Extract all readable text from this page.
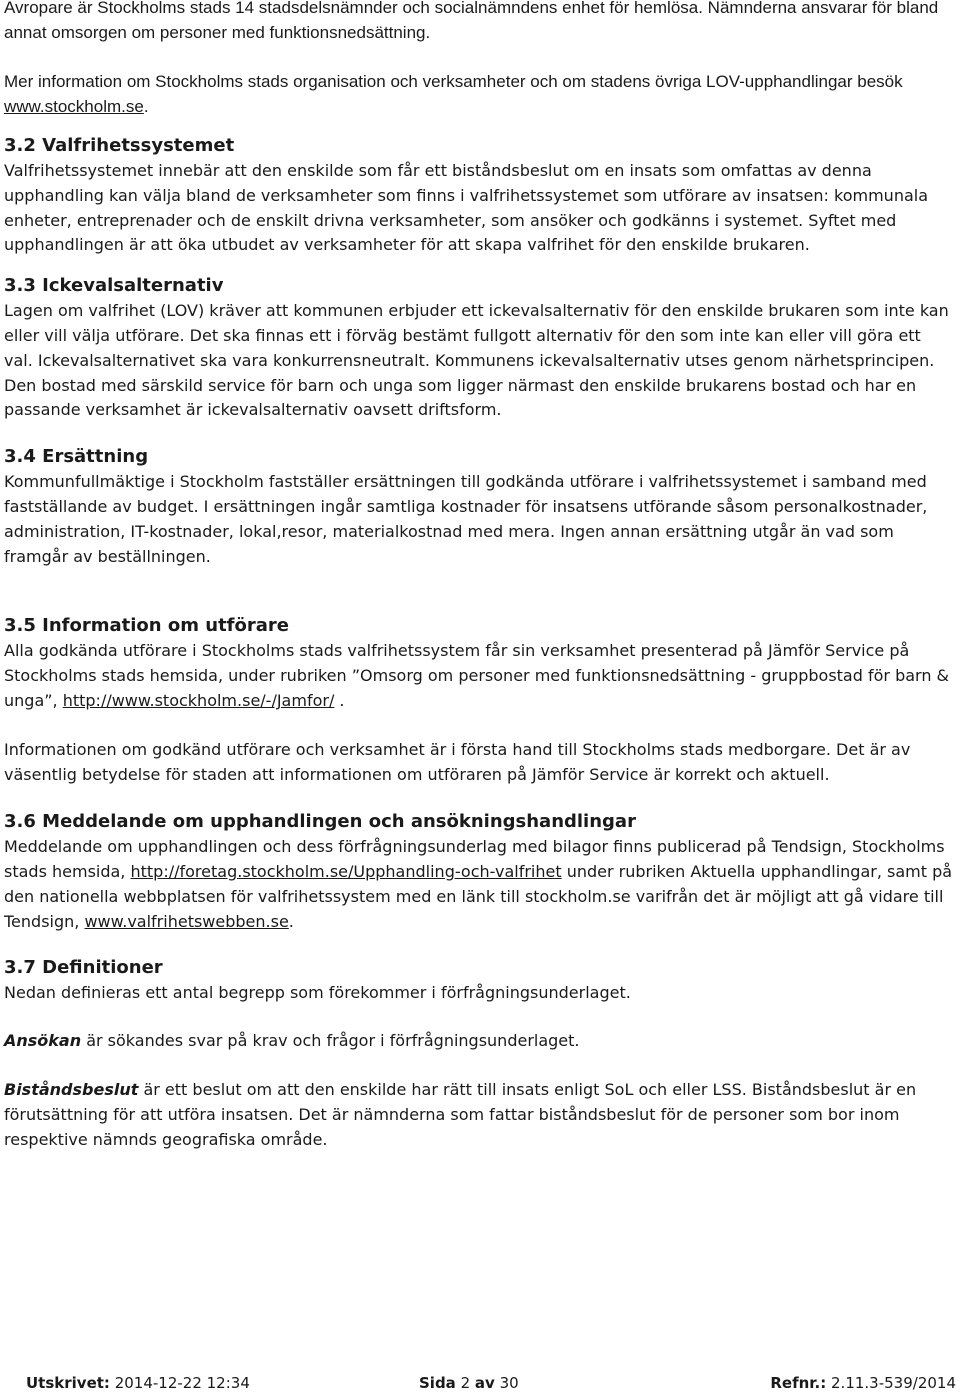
Avropare är Stockholms stads 14 stadsdelsnämnder och socialnämndens enhet för hemlösa. Nämnderna ansvarar för bland annat omsorgen om personer med funktionsnedsättning.

Mer information om Stockholms stads organisation och verksamheter och om stadens övriga LOV-upphandlingar besök www.stockholm.se.

3.2 Valfrihetssystemet

Valfrihetssystemet innebär att den enskilde som får ett biståndsbeslut om en insats som omfattas av denna upphandling kan välja bland de verksamheter som finns i valfrihetssystemet som utförare av insatsen: kommunala enheter, entreprenader och de enskilt drivna verksamheter, som ansöker och godkänns i systemet. Syftet med upphandlingen är att öka utbudet av verksamheter för att skapa valfrihet för den enskilde brukaren.

3.3 Ickevalsalternativ

Lagen om valfrihet (LOV) kräver att kommunen erbjuder ett ickevalsalternativ för den enskilde brukaren som inte kan eller vill välja utförare. Det ska finnas ett i förväg bestämt fullgott alternativ för den som inte kan eller vill göra ett val. Ickevalsalternativet ska vara konkurrensneutralt. Kommunens ickevalsalternativ utses genom närhetsprincipen. Den bostad med särskild service för barn och unga som ligger närmast den enskilde brukarens bostad och har en passande verksamhet är ickevalsalternativ oavsett driftsform.

3.4 Ersättning

Kommunfullmäktige i Stockholm fastställer ersättningen till godkända utförare i valfrihetssystemet i samband med fastställande av budget. I ersättningen ingår samtliga kostnader för insatsens utförande såsom personalkostnader, administration, IT-kostnader, lokal,resor, materialkostnad med mera. Ingen annan ersättning utgår än vad som framgår av beställningen.

3.5 Information om utförare

Alla godkända utförare i Stockholms stads valfrihetssystem får sin verksamhet presenterad på Jämför Service på Stockholms stads hemsida, under rubriken ”Omsorg om personer med funktionsnedsättning - gruppbostad för barn & unga”, http://www.stockholm.se/-/Jamfor/ .

Informationen om godkänd utförare och verksamhet är i första hand till Stockholms stads medborgare. Det är av väsentlig betydelse för staden att informationen om utföraren på Jämför Service är korrekt och aktuell.

3.6 Meddelande om upphandlingen och ansökningshandlingar

Meddelande om upphandlingen och dess förfrågningsunderlag med bilagor finns publicerad på Tendsign, Stockholms stads hemsida, http://foretag.stockholm.se/Upphandling-och-valfrihet under rubriken Aktuella upphandlingar, samt på den nationella webbplatsen för valfrihetssystem med en länk till stockholm.se varifrån det är möjligt att gå vidare till Tendsign, www.valfrihetswebben.se.

3.7 Definitioner

Nedan definieras ett antal begrepp som förekommer i förfrågningsunderlaget.

Ansökan är sökandes svar på krav och frågor i förfrågningsunderlaget.

Biståndsbeslut är ett beslut om att den enskilde har rätt till insats enligt SoL och eller LSS. Biståndsbeslut är en förutsättning för att utföra insatsen. Det är nämnderna som fattar biståndsbeslut för de personer som bor inom respektive nämnds geografiska område.

Utskrivet: 2014-12-22 12:34	Sida 2 av 30	Refnr.: 2.11.3-539/2014
